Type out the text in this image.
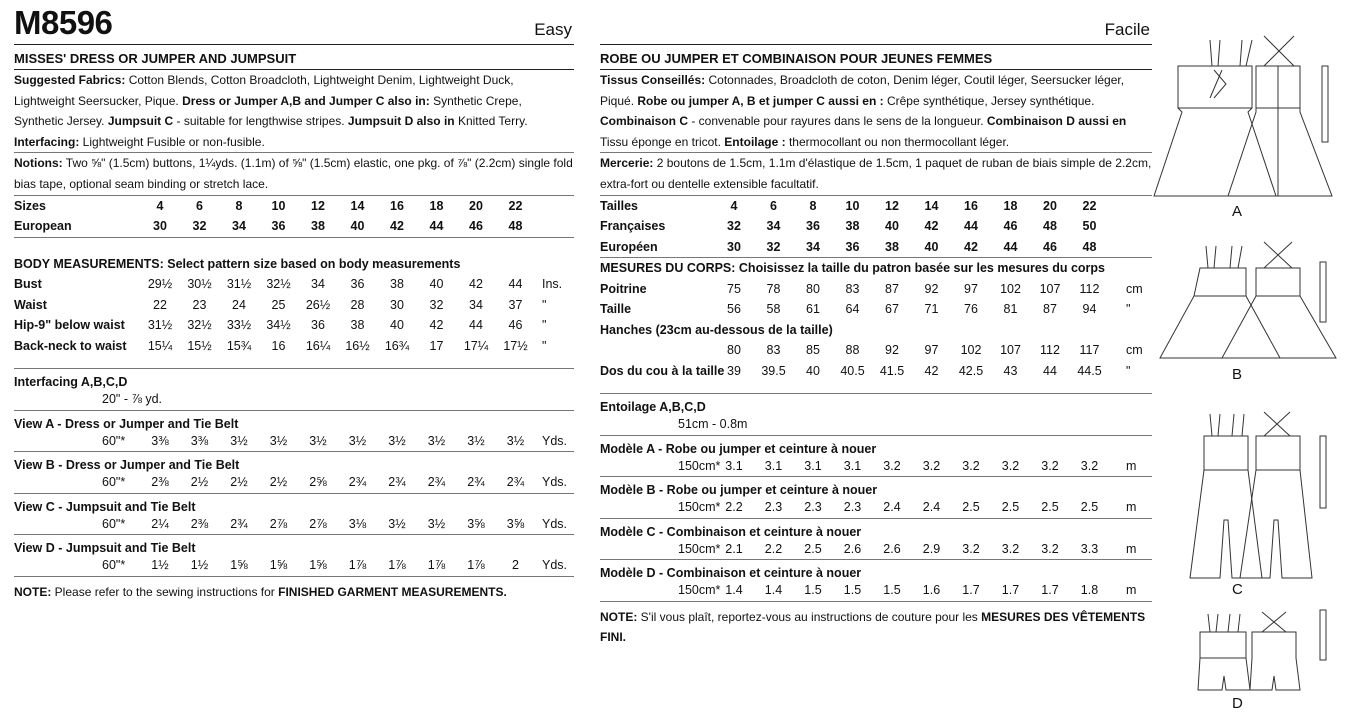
M8596	Easy
MISSES' DRESS OR JUMPER AND JUMPSUIT
Suggested Fabrics: Cotton Blends, Cotton Broadcloth, Lightweight Denim, Lightweight Duck, Lightweight Seersucker, Pique. Dress or Jumper A,B and Jumper C also in: Synthetic Crepe, Synthetic Jersey. Jumpsuit C - suitable for lengthwise stripes. Jumpsuit D also in Knitted Terry. Interfacing: Lightweight Fusible or non-fusible.
Notions: Two ⅝" (1.5cm) buttons, 1¼yds. (1.1m) of ⅝" (1.5cm) elastic, one pkg. of ⅞" (2.2cm) single fold bias tape, optional seam binding or stretch lace.
Sizes	4	6	8	10	12	14	16	18	20	22
European	30	32	34	36	38	40	42	44	46	48
BODY MEASUREMENTS: Select pattern size based on body measurements
Bust	29½	30½	31½	32½	34	36	38	40	42	44	Ins.
Waist	22	23	24	25	26½	28	30	32	34	37	"
Hip-9" below waist	31½	32½	33½	34½	36	38	40	42	44	46	"
Back-neck to waist	15¼	15½	15¾	16	16¼	16½	16¾	17	17¼	17½	"
Interfacing A,B,C,D
20" - ⅞ yd.
View A - Dress or Jumper and Tie Belt
60"*	3⅜	3⅜	3½	3½	3½	3½	3½	3½	3½	3½	Yds.
View B - Dress or Jumper and Tie Belt
60"*	2⅜	2½	2½	2½	2⅝	2¾	2¾	2¾	2¾	2¾	Yds.
View C - Jumpsuit and Tie Belt
60"*	2¼	2⅜	2¾	2⅞	2⅞	3⅛	3½	3½	3⅝	3⅝	Yds.
View D - Jumpsuit and Tie Belt
60"*	1½	1½	1⅝	1⅝	1⅝	1⅞	1⅞	1⅞	1⅞	2	Yds.
NOTE: Please refer to the sewing instructions for FINISHED GARMENT MEASUREMENTS.
Facile
ROBE OU JUMPER ET COMBINAISON POUR JEUNES FEMMES
Tissus Conseillés: Cotonnades, Broadcloth de coton, Denim léger, Coutil léger, Seersucker léger, Piqué. Robe ou jumper A, B et jumper C aussi en : Crêpe synthétique, Jersey synthétique. Combinaison C - convenable pour rayures dans le sens de la longueur. Combinaison D aussi en Tissu éponge en tricot. Entoilage : thermocollant ou non thermocollant léger.
Mercerie: 2 boutons de 1.5cm, 1.1m d'élastique de 1.5cm, 1 paquet de ruban de biais simple de 2.2cm, extra-fort ou dentelle extensible facultatif.
Tailles	4	6	8	10	12	14	16	18	20	22
Françaises	32	34	36	38	40	42	44	46	48	50
Européen	30	32	34	36	38	40	42	44	46	48
MESURES DU CORPS: Choisissez la taille du patron basée sur les mesures du corps
Poitrine	75	78	80	83	87	92	97	102	107	112	cm
Taille	56	58	61	64	67	71	76	81	87	94	"
Hanches (23cm au-dessous de la taille)
80	83	85	88	92	97	102	107	112	117	cm
Dos du cou à la taille 39	39.5	40	40.5	41.5	42	42.5	43	44	44.5	"
Entoilage A,B,C,D
51cm - 0.8m
Modèle A - Robe ou jumper et ceinture à nouer
150cm* 3.1	3.1	3.1	3.1	3.2	3.2	3.2	3.2	3.2	3.2	m
Modèle B - Robe ou jumper et ceinture à nouer
150cm* 2.2	2.3	2.3	2.3	2.4	2.4	2.5	2.5	2.5	2.5	m
Modèle C - Combinaison et ceinture à nouer
150cm* 2.1	2.2	2.5	2.6	2.6	2.9	3.2	3.2	3.2	3.3	m
Modèle D - Combinaison et ceinture à nouer
150cm* 1.4	1.4	1.5	1.5	1.5	1.6	1.7	1.7	1.7	1.8	m
NOTE: S'il vous plaît, reportez-vous au instructions de couture pour les MESURES DES VÊTEMENTS FINI.
A
B
C
D
